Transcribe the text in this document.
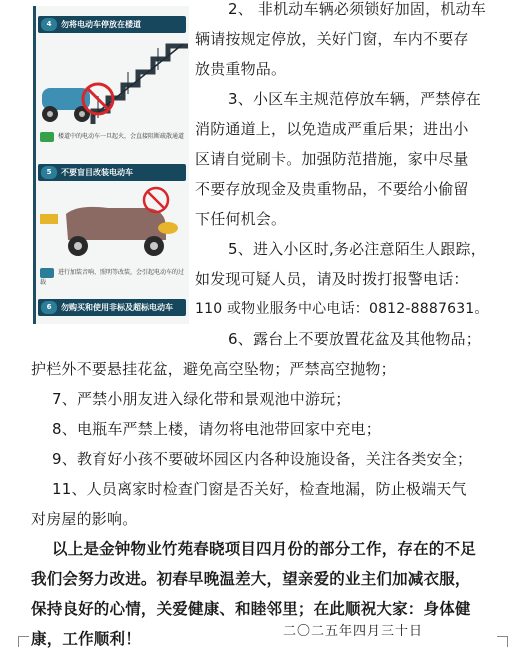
4 勿将电动车停放在楼道
楼道中的电动车一旦起火，会直接阻断疏散通道
5 不要盲目改装电动车
进行加装音响、照明等改装，会引起电动车的过载
6 勿购买和使用非标及超标电动车
2、 非机动车辆必须锁好加固，机动车
辆请按规定停放，关好门窗，车内不要存
放贵重物品。
3、小区车主规范停放车辆，严禁停在
消防通道上，以免造成严重后果；进出小
区请自觉刷卡。加强防范措施，家中尽量
不要存放现金及贵重物品，不要给小偷留
下任何机会。
5、进入小区时,务必注意陌生人跟踪，
如发现可疑人员，请及时拨打报警电话：
110 或物业服务中心电话：0812-8887631。
6、露台上不要放置花盆及其他物品；
护栏外不要悬挂花盆，避免高空坠物；严禁高空抛物；
7、严禁小朋友进入绿化带和景观池中游玩；
8、电瓶车严禁上楼，请勿将电池带回家中充电；
9、教育好小孩不要破坏园区内各种设施设备，关注各类安全；
11、人员离家时检查门窗是否关好，检查地漏，防止极端天气
对房屋的影响。
以上是金钟物业竹苑春晓项目四月份的部分工作，存在的不足
我们会努力改进。初春早晚温差大，望亲爱的业主们加减衣服，
保持良好的心情，关爱健康、和睦邻里；在此顺祝大家：身体健
康，工作顺利！	二〇二五年四月三十日
